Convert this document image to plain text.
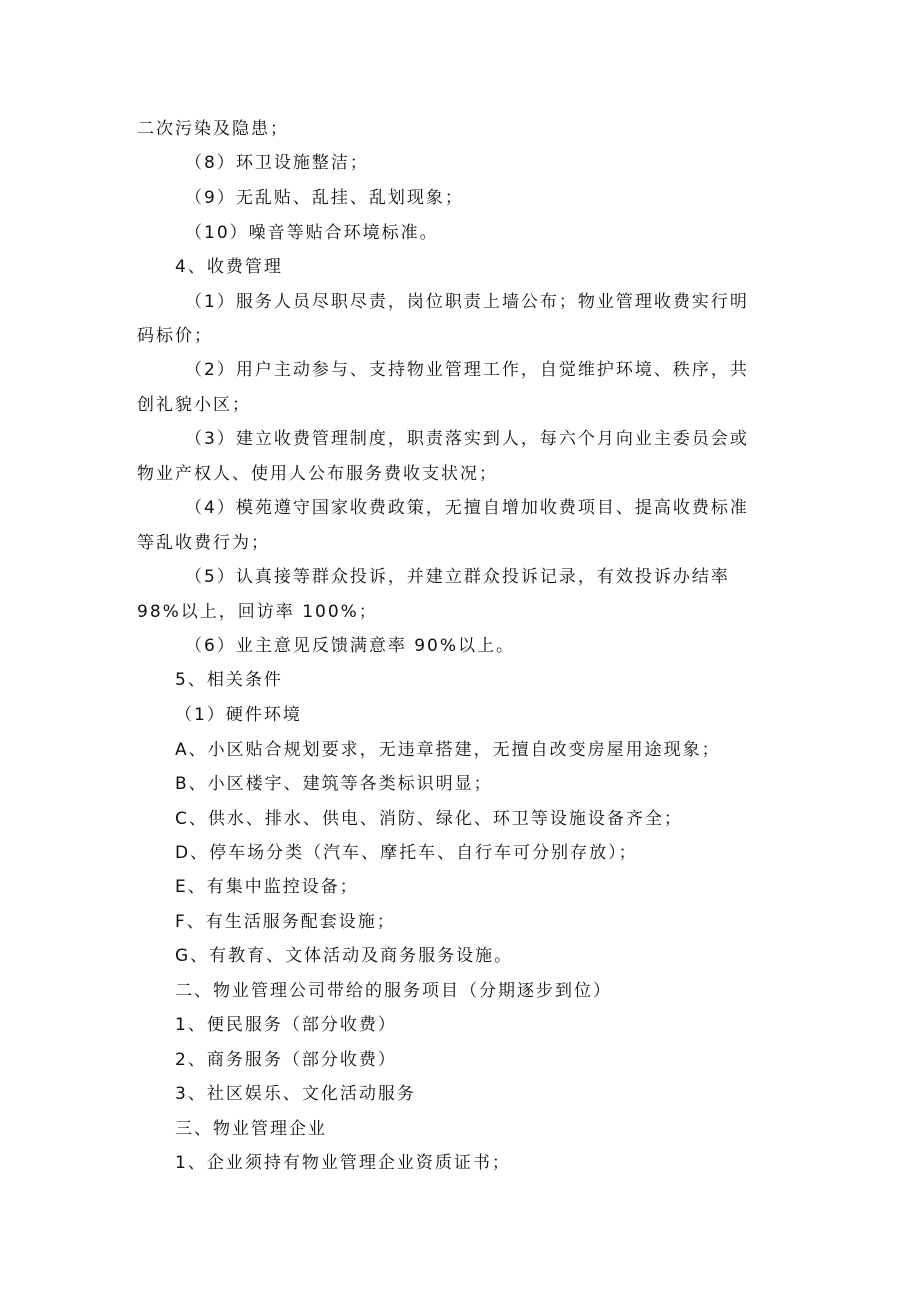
二次污染及隐患；
（8）环卫设施整洁；
（9）无乱贴、乱挂、乱划现象；
（10）噪音等贴合环境标准。
4、收费管理
（1）服务人员尽职尽责，岗位职责上墙公布；物业管理收费实行明
码标价；
（2）用户主动参与、支持物业管理工作，自觉维护环境、秩序，共
创礼貌小区；
（3）建立收费管理制度，职责落实到人，每六个月向业主委员会或
物业产权人、使用人公布服务费收支状况；
（4）模苑遵守国家收费政策，无擅自增加收费项目、提高收费标准
等乱收费行为；
（5）认真接等群众投诉，并建立群众投诉记录，有效投诉办结率
98%以上，回访率 100%；
（6）业主意见反馈满意率 90%以上。
5、相关条件
（1）硬件环境
A、小区贴合规划要求，无违章搭建，无擅自改变房屋用途现象；
B、小区楼宇、建筑等各类标识明显；
C、供水、排水、供电、消防、绿化、环卫等设施设备齐全；
D、停车场分类（汽车、摩托车、自行车可分别存放）；
E、有集中监控设备；
F、有生活服务配套设施；
G、有教育、文体活动及商务服务设施。
二、物业管理公司带给的服务项目（分期逐步到位）
1、便民服务（部分收费）
2、商务服务（部分收费）
3、社区娱乐、文化活动服务
三、物业管理企业
1、企业须持有物业管理企业资质证书；
